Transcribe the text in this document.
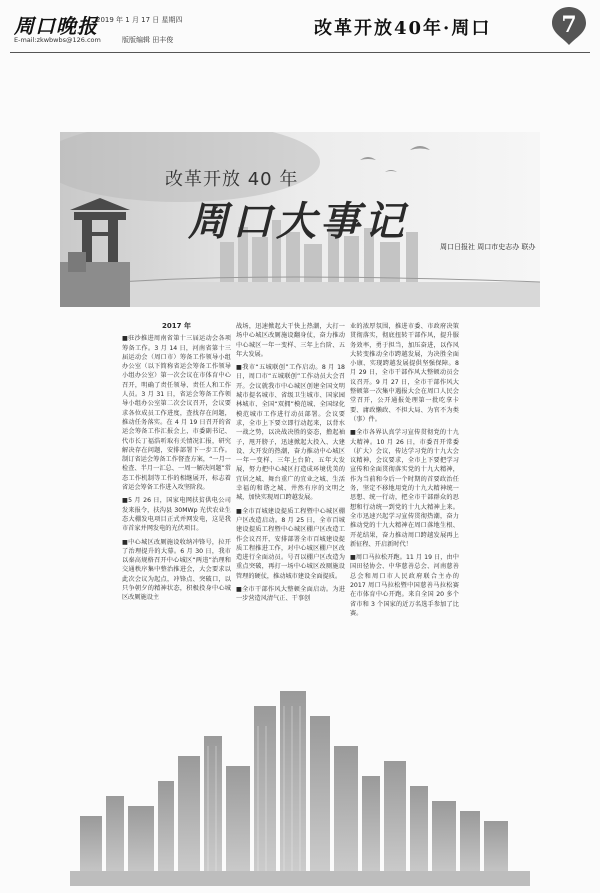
周口晚报
2019 年 1 月 17 日 星期四
E-mail:zkwbwbs@126.com	版版编辑 田丰俊
改革开放40年·周口	7
改革开放 40 年
周口大事记
周口日报社 周口市史志办 联办
2017 年

■驻沙推进周南省第十三届运动会各项筹备工作。3 月 14 日，河南省第十三届运动会（周口市）筹备工作领导小组办公室（以下简称省运会筹备工作领导小组办公室）第一次会议在市体育中心召开，明确了责任领导、责任人和工作人员。3 月 31 日，省运会筹备工作领导小组办公室第二次会议召开，会议要求各位成员工作进度，查找存在问题，推动任务落实。在 4 月 19 日召开的省运会筹备工作汇报会上，市委副书记、代市长丁福浩听取有关情况汇报，研究解决存在问题，安排部署下一步工作。制订省运会筹备工作督查方案，“一月一检查、半月一汇总、一周一解决问题”常态工作机制等工作的相继展开，标志着省运会筹备工作进入攻坚阶段。

■5 月 26 日，国家电网扶贫供电公司发来报令，扶沟县 30MWp 光伏农业生态大棚发电项目正式并网发电，这是我市首家并网发电的光伏项目。

■中心城区改厕施设收纳冲锋号，拉开了治理提升的大幕。6 月 30 日，我市以秦高规格召开中心城区“两违”治理和交通秩序集中整治推进会，大会要求以此次会议为起点，冲锋点、突破口，以只争朝夕的精神状态，积极投身中心城区改厕施设主

战场，迅速掀起大干快上热潮，大打一场中心城区改厕施设翻身仗，奋力推动中心城区一年一变样、三年上台阶、五年大发展。

■我市“五城联创”工作启动。8 月 18 日，周口市“五城联创”工作动员大会召开。会议就我市中心城区创建全国文明城市提名城市、省级卫生城市、国家园林城市、全国“双拥”模范城、全国绿化模范城市工作进行动员部署。会议要求，全市上下要立即行动起来，以背水一战之势，以决战决胜的姿态，撸起袖子，甩开膀子，迅速掀起大投入、大建设、大开发的热潮，奋力推动中心城区一年一变样、三年上台阶、五年大发展，努力把中心城区打造成环境优美的宜居之城、舞台重广的宜业之城、生活幸福的和谐之城、井然有序的文明之城，加快实现周口跨越发展。

■全市百城建设提质工程暨中心城区棚户区改造启动。8 月 25 日，全市百城建设提质工程暨中心城区棚户区改造工作会议召开，安排部署全市百城建设提质工程推进工作，对中心城区棚户区改造进行全面动员。号召以棚户区改造为重点突破，再打一场中心城区改厕施设管理的硬仗，推动城市建设全面提质。

■全市干部作风大整顿全面启动。为进一步营造风清气正、干事创

业的浓厚氛围，推进市委、市政府决策贯彻落实，彻底扭转干部作风，提升服务效率，勇于担当，加压奋进，以作风大转变推动全市跨越发展，为决胜全面小康、实现跨越发展提供坚强保障。8 月 29 日，全市干部作风大整顿动员会议召开。9 月 27 日，全市干部作风大整顿第一次集中遇报大会在周口人民会堂召开，公开通报处理第一批吃拿卡要、庸政懒政、不担大局、为官不为类（事）件。

■全市各界认真学习宣传贯彻党的十九大精神。10 月 26 日，市委召开常委（扩大）会议，传达学习党的十九大会议精神，会议要求，全市上下要把学习宣传和全面贯彻落实党的十九大精神，作为当前和今后一个时期的首要政治任务，坚定不移地用党的十九大精神统一思想、统一行动，把全市干部群众的思想和行动统一到党的十九大精神上来。全市迅速兴起学习宣传贯彻热潮，奋力推动党的十九大精神在周口落地生根、开花结果，奋力推动周口跨越发展再上新征程、开启新时代！

■周口马拉松开跑。11 月 19 日，由中国田径协会、中华慈善总会、河南慈善总会和周口市人民政府联合主办的 2017 周口马拉松暨中国慈善马拉松赛在市体育中心开跑。来自全国 20 多个省市和 3 个国家的近万名选手参加了比赛。
